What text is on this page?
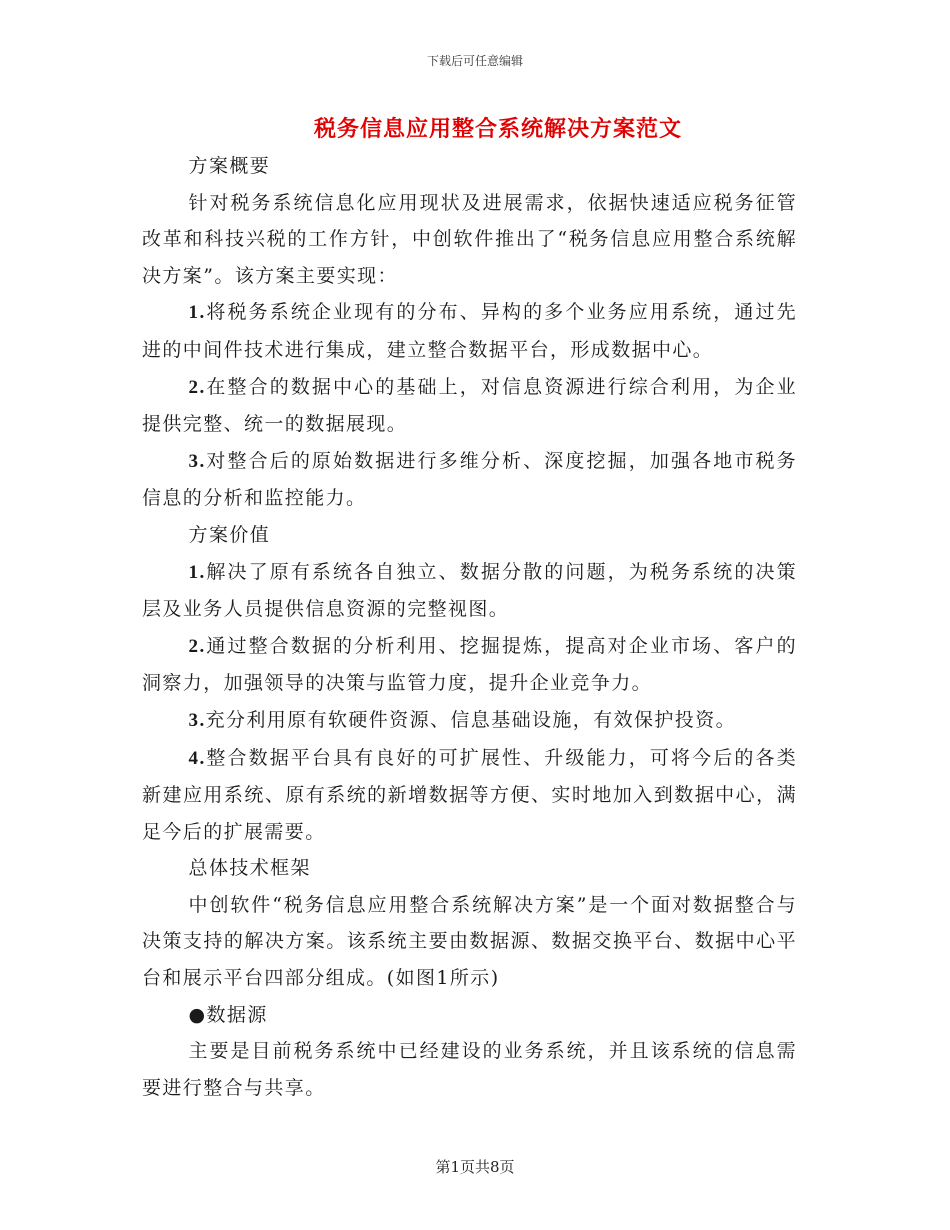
下载后可任意编辑
税务信息应用整合系统解决方案范文

方案概要

针对税务系统信息化应用现状及进展需求，依据快速适应税务征管改革和科技兴税的工作方针，中创软件推出了“税务信息应用整合系统解决方案”。该方案主要实现：

1.将税务系统企业现有的分布、异构的多个业务应用系统，通过先进的中间件技术进行集成，建立整合数据平台，形成数据中心。

2.在整合的数据中心的基础上，对信息资源进行综合利用，为企业提供完整、统一的数据展现。

3.对整合后的原始数据进行多维分析、深度挖掘，加强各地市税务信息的分析和监控能力。

方案价值

1.解决了原有系统各自独立、数据分散的问题，为税务系统的决策层及业务人员提供信息资源的完整视图。

2.通过整合数据的分析利用、挖掘提炼，提高对企业市场、客户的洞察力，加强领导的决策与监管力度，提升企业竞争力。

3.充分利用原有软硬件资源、信息基础设施，有效保护投资。

4.整合数据平台具有良好的可扩展性、升级能力，可将今后的各类新建应用系统、原有系统的新增数据等方便、实时地加入到数据中心，满足今后的扩展需要。

总体技术框架

中创软件“税务信息应用整合系统解决方案”是一个面对数据整合与决策支持的解决方案。该系统主要由数据源、数据交换平台、数据中心平台和展示平台四部分组成。(如图1所示)

●数据源

主要是目前税务系统中已经建设的业务系统，并且该系统的信息需要进行整合与共享。

第1页共8页
